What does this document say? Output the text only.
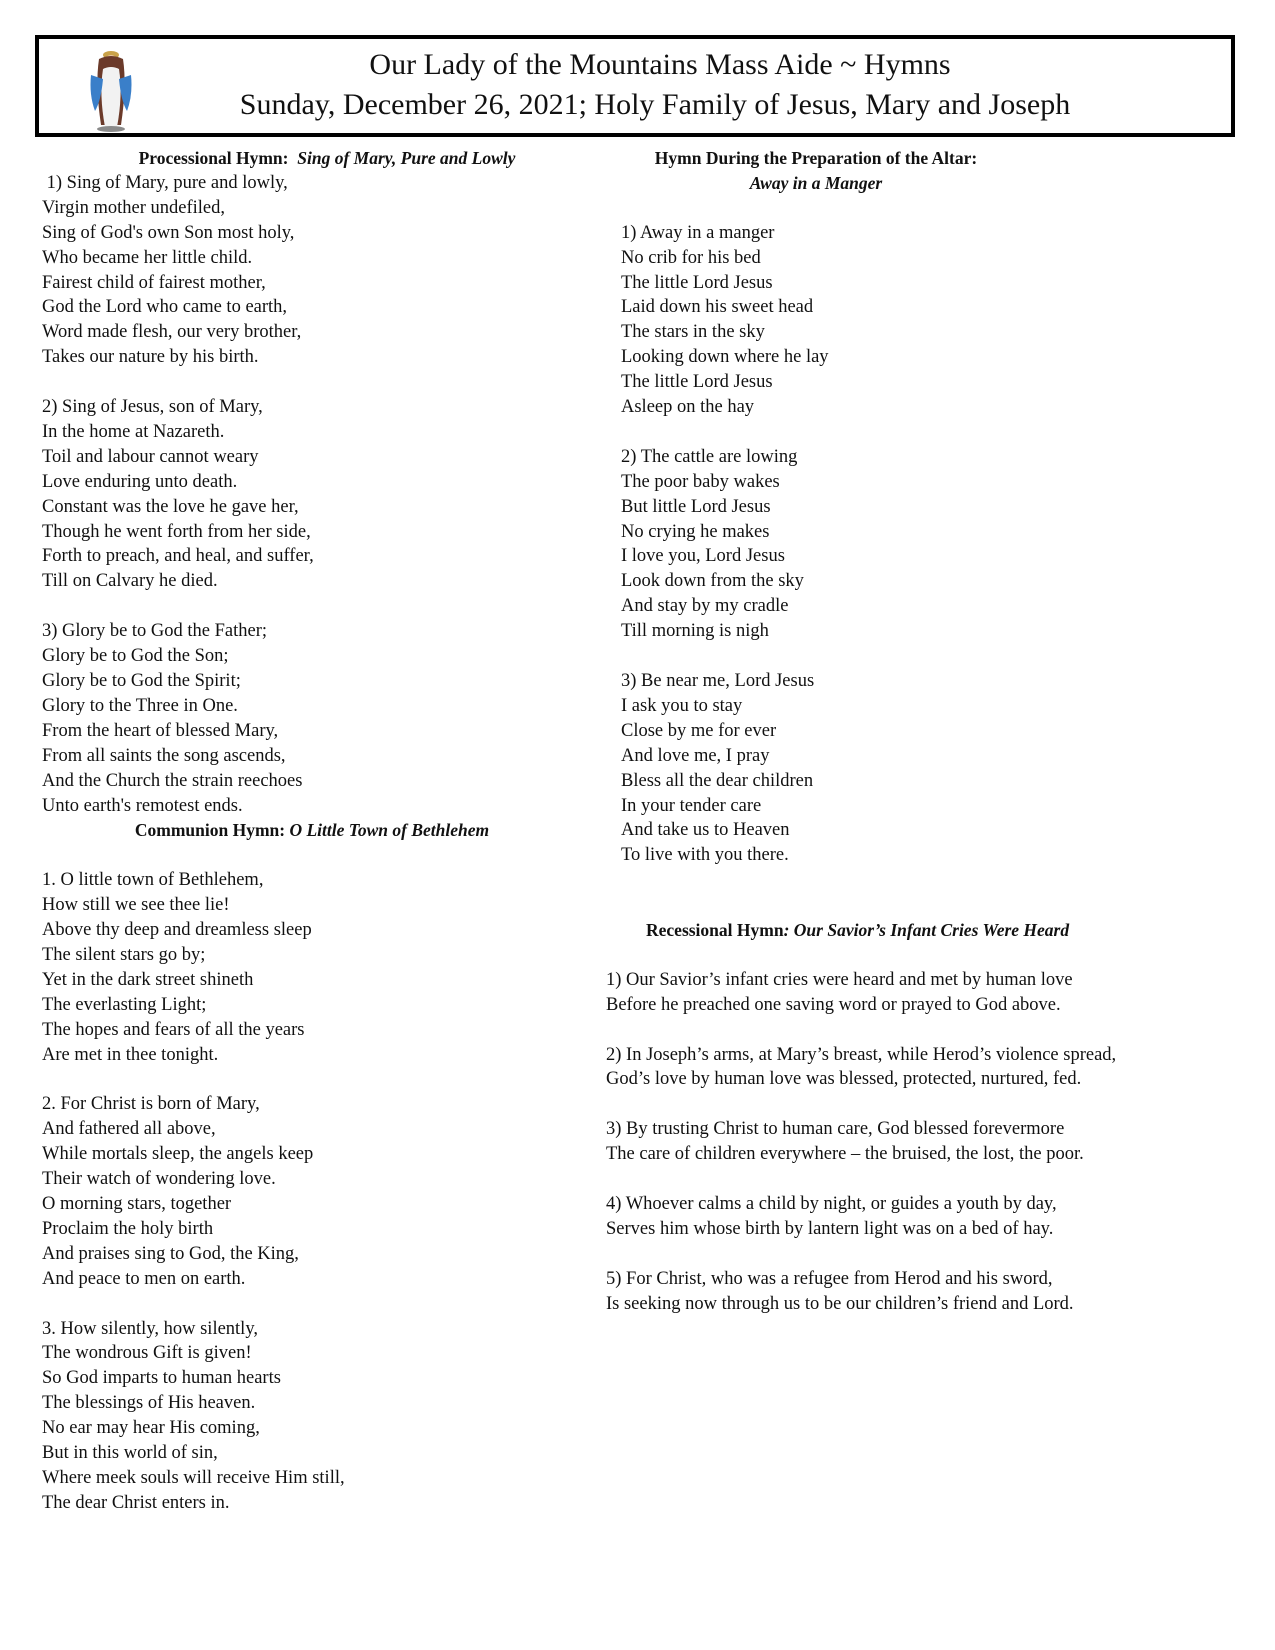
Our Lady of the Mountains Mass Aide ~ Hymns
Sunday, December 26, 2021; Holy Family of Jesus, Mary and Joseph
Processional Hymn: Sing of Mary, Pure and Lowly
1) Sing of Mary, pure and lowly,
Virgin mother undefiled,
Sing of God's own Son most holy,
Who became her little child.
Fairest child of fairest mother,
God the Lord who came to earth,
Word made flesh, our very brother,
Takes our nature by his birth.
2) Sing of Jesus, son of Mary,
In the home at Nazareth.
Toil and labour cannot weary
Love enduring unto death.
Constant was the love he gave her,
Though he went forth from her side,
Forth to preach, and heal, and suffer,
Till on Calvary he died.
3) Glory be to God the Father;
Glory be to God the Son;
Glory be to God the Spirit;
Glory to the Three in One.
From the heart of blessed Mary,
From all saints the song ascends,
And the Church the strain reechoes
Unto earth's remotest ends.
Communion Hymn: O Little Town of Bethlehem
1. O little town of Bethlehem,
How still we see thee lie!
Above thy deep and dreamless sleep
The silent stars go by;
Yet in the dark street shineth
The everlasting Light;
The hopes and fears of all the years
Are met in thee tonight.
2. For Christ is born of Mary,
And fathered all above,
While mortals sleep, the angels keep
Their watch of wondering love.
O morning stars, together
Proclaim the holy birth
And praises sing to God, the King,
And peace to men on earth.
3. How silently, how silently,
The wondrous Gift is given!
So God imparts to human hearts
The blessings of His heaven.
No ear may hear His coming,
But in this world of sin,
Where meek souls will receive Him still,
The dear Christ enters in.
Hymn During the Preparation of the Altar:
Away in a Manger
1) Away in a manger
No crib for his bed
The little Lord Jesus
Laid down his sweet head
The stars in the sky
Looking down where he lay
The little Lord Jesus
Asleep on the hay
2) The cattle are lowing
The poor baby wakes
But little Lord Jesus
No crying he makes
I love you, Lord Jesus
Look down from the sky
And stay by my cradle
Till morning is nigh
3) Be near me, Lord Jesus
I ask you to stay
Close by me for ever
And love me, I pray
Bless all the dear children
In your tender care
And take us to Heaven
To live with you there.
Recessional Hymn: Our Savior’s Infant Cries Were Heard
1) Our Savior’s infant cries were heard and met by human love
Before he preached one saving word or prayed to God above.
2) In Joseph’s arms, at Mary’s breast, while Herod’s violence spread,
God’s love by human love was blessed, protected, nurtured, fed.
3) By trusting Christ to human care, God blessed forevermore
The care of children everywhere – the bruised, the lost, the poor.
4) Whoever calms a child by night, or guides a youth by day,
Serves him whose birth by lantern light was on a bed of hay.
5) For Christ, who was a refugee from Herod and his sword,
Is seeking now through us to be our children’s friend and Lord.
